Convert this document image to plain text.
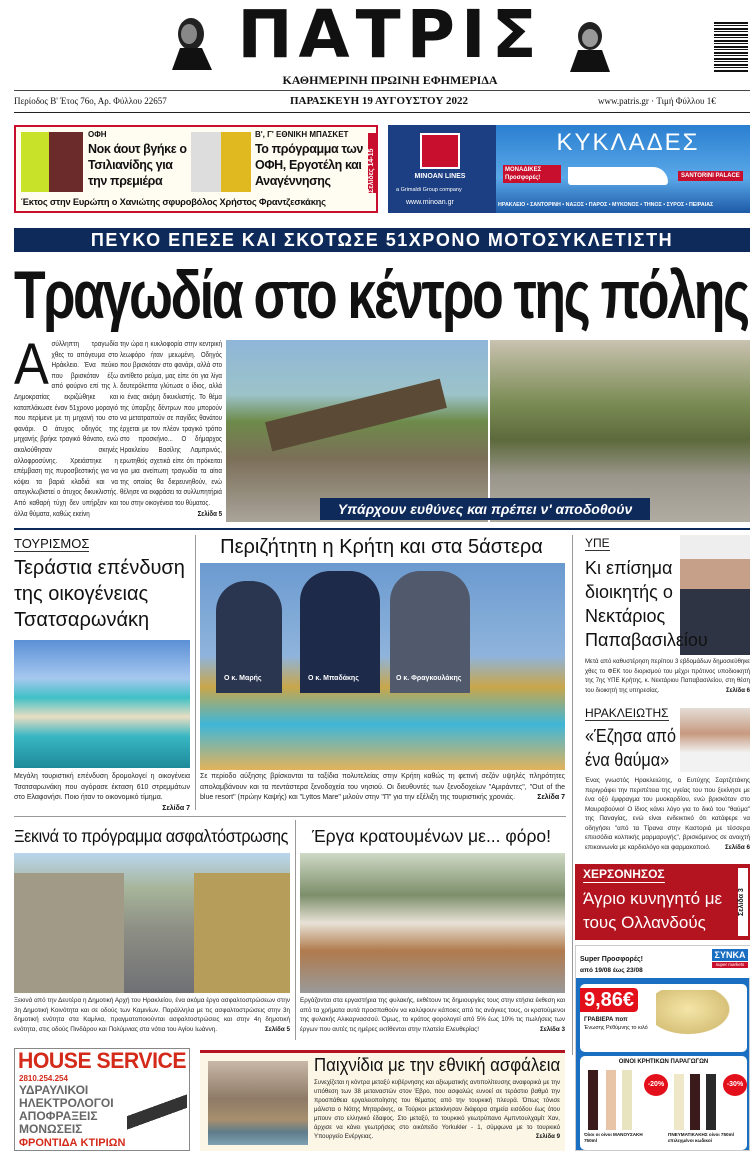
ΠΑΤΡΙΣ
ΚΑΘΗΜΕΡΙΝΗ ΠΡΩΙΝΗ ΕΦΗΜΕΡΙΔΑ
Περίοδος Β' Έτος 76ο, Αρ. Φύλλου 22657	ΠΑΡΑΣΚΕΥΗ 19 ΑΥΓΟΥΣΤΟΥ 2022	www.patris.gr · Τιμή Φύλλου 1€
ΟΦΗ
Νοκ άουτ βγήκε ο Τσιλιανίδης για την πρεμιέρα
Β', Γ' ΕΘΝΙΚΗ ΜΠΑΣΚΕΤ
Το πρόγραμμα των ΟΦΗ, Εργοτέλη και Αναγέννησης
Έκτος στην Ευρώπη ο Χανιώτης σφυροβόλος Χρήστος Φραντζεσκάκης
Σελίδες 14-15	MINOAN LINES
a Grimaldi Group company
www.minoan.gr
ΚΥΚΛΑΔΕΣ
ΜΟΝΑΔΙΚΕΣ Προσφορές!	SANTORINI PALACE
ΗΡΑΚΛΕΙΟ • ΣΑΝΤΟΡΙΝΗ • ΝΑΞΟΣ • ΠΑΡΟΣ • ΜΥΚΟΝΟΣ • ΤΗΝΟΣ • ΣΥΡΟΣ • ΠΕΙΡΑΙΑΣ
ΠΕΥΚΟ ΕΠΕΣΕ ΚΑΙ ΣΚΟΤΩΣΕ 51ΧΡΟΝΟ ΜΟΤΟΣΥΚΛΕΤΙΣΤΗ
Τραγωδία στο κέντρο της πόλης
Α σύλληπτη τραγωδία χθες το απόγευμα στο Ηράκλειο. Ένα πεύκο που βρισκόταν έξω από φούρνο επί της λ. Δημοκρατίας εκριζώθηκε και καταπλάκωσε έναν 51χρονο μοραγιό που περίμενε με τη μηχανή του στο φανάρι. Ο άτυχος οδηγός της μηχανής βρήκε τραγικό θάνατο, ενώ ακολούθησαν σκηνές αλλοφροσύνης. Χρειάστηκε η επέμβαση της πυροσβεστικής για να κόψει τα βαριά κλαδιά και να απεγκλωβιστεί ο άτυχος δικυκλιστής. Από καθαρή τύχη δεν υπήρξαν και άλλα θύματα, καθώς εκείνη
την ώρα η κυκλοφορία στην κεντρική λεωφόρο ήταν μειωμένη. Οδηγός που βρισκόταν στο φανάρι, αλλά στο αντίθετο ρεύμα, μας είπε ότι για λίγα δευτερόλεπτα γλύτωσε ο ίδιος, αλλά κι ένας ακόμη δικυκλιστής. Το θέμα της ύπαρξης δέντρων που μπορούν να μετατραπούν σε παγίδες θανάτου έρχεται με τον πλέον τραγικό τρόπο στο προσκήνιο... Ο δήμαρχος Ηρακλείου Βασίλης Λαμπρινός, ερωτηθείς σχετικά είπε ότι πρόκειται για μια ανείπωτη τραγωδία τα αίτια της οποίας θα διερευνηθούν, ενώ θέλησε να εκφράσει τα συλλυπητήριά του στην οικογένεια του θύματος.
Σελίδα 5	Υπάρχουν ευθύνες και πρέπει ν' αποδοθούν
ΤΟΥΡΙΣΜΟΣ
Τεράστια επένδυση της οικογένειας Τσατσαρωνάκη
Μεγάλη τουριστική επένδυση δρομολογεί η οικογένεια Τσατσαρωνάκη που αγόρασε έκταση 610 στρεμμάτων στο Ελαφονήσι. Ποιο ήταν το οικονομικό τίμημα.
Σελίδα 7
Περιζήτητη η Κρήτη και στα 5άστερα
Ο κ. Μαρής	Ο κ. Μπαδάκης	Ο κ. Φραγκουλάκης
Σε περίοδο αύξησης βρίσκονται τα ταξίδια πολυτελείας στην Κρήτη καθώς τη φετινή σεζόν υψηλές πληρότητες απολαμβάνουν και τα πεντάστερα ξενοδοχεία του νησιού. Οι διευθυντές των ξενοδοχείων "Αμιράντες", "Out of the blue resort" (πρώην Καψής) και "Lyttos Mare" μιλούν στην "Π" για την εξέλιξη της τουριστικής χρονιάς.	Σελίδα 7
ΥΠΕ
Κι επίσημα διοικητής ο Νεκτάριος Παπαβασιλείου
Μετά από καθυστέρηση περίπου 3 εβδομάδων δημοσιεύθηκε χθες το ΦΕΚ του διορισμού του μέχρι πρότινος υποδιοικητή της 7ης ΥΠΕ Κρήτης, κ. Νεκτάριου Παπαβασιλείου, στη θέση του διοικητή της υπηρεσίας.	Σελίδα 6
ΗΡΑΚΛΕΙΩΤΗΣ
«Έζησα από ένα θαύμα»
Ένας γνωστός Ηρακλειώτης, ο Ευτύχης Σαρτζετάκης περιγράφει την περιπέτεια της υγείας του που ξεκίνησε με ένα οξύ έμφραγμα του μυοκαρδίου, ενώ βρισκόταν στο Μαυροβούνιο! Ο ίδιος κάνει λόγο για το δικό του "θαύμα" της Παναγίας, ενώ είναι ενδεικτικό ότι κατάφερε να οδηγήσει "από τα Τίρανα στην Καστοριά με τέσσερα επεισόδια κολπικής μαρμαρυγής", βρισκόμενος σε ανοιχτή επικοινωνία με καρδιολόγο και φαρμακοποιό. Σελίδα 6
Ξεκινά το πρόγραμμα ασφαλτόστρωσης
Ξεκινά από την Δευτέρα η Δημοτική Αρχή του Ηρακλείου, ένα ακόμα έργο ασφαλτοστρώσεων στην 3η Δημοτική Κοινότητα και σε οδούς των Καμινίων. Παράλληλα με τις ασφαλτοστρώσεις στην 3η δημοτική ενότητα στα Καμίνια, πραγματοποιούνται ασφαλτοστρώσεις και στην 4η δημοτική ενότητα, στις οδούς Πινδάρου και Πολύμνιας στα νότια του Αγίου Ιωάννη.	Σελίδα 5
Έργα κρατουμένων με... φόρο!
Εργάζονται στα εργαστήρια της φυλακής, εκθέτουν τις δημιουργίες τους στην ετήσια έκθεση και από τα χρήματα αυτά προσπαθούν να καλύψουν κάποιες από τις ανάγκες τους, οι κρατούμενοι της φυλακής Αλικαρνασσού. Όμως, το κράτος φορολογεί από 5% έως 10% τις πωλήσεις των έργων που αυτές τις ημέρες εκτίθενται στην πλατεία Ελευθερίας!	Σελίδα 3
ΧΕΡΣΟΝΗΣΟΣ
Άγριο κυνηγητό με τους Ολλανδούς
Σελίδα 3
Super Προσφορές!
από 19/08 έως 23/08
ΣΥΝΚΑ
super markets
9,86€
ΓΡΑΒΙΕΡΑ ποπ
Ένωσης Ρεθύμνης το κιλό
ΟΙΝΟΙ ΚΡΗΤΙΚΩΝ ΠΑΡΑΓΩΓΩΝ
-20%	-30%
Όλοι οι οίνοι ΜΑΝΟΥΣΑΚΗ 750ml
ΠΝΕΥΜΑΤΙΚΑΚΗΣ οίνοι 750ml επιλεγμένοι κωδικοί
HOUSE SERVICE
2810.254.254
ΥΔΡΑΥΛΙΚΟΙ
ΗΛΕΚΤΡΟΛΟΓΟΙ
ΑΠΟΦΡΑΞΕΙΣ
ΜΟΝΩΣΕΙΣ
ΦΡΟΝΤΙΔΑ ΚΤΙΡΙΩΝ
Παιχνίδια με την εθνική ασφάλεια
Συνεχίζεται η κόντρα μεταξύ κυβέρνησης και αξιωματικής αντιπολίτευσης αναφορικά με την υπόθεση των 38 μεταναστών στον Έβρο, που ασφαλώς ευνοεί σε τεράστιο βαθμό την προσπάθεια εργαλειοποίησης του θέματος από την τουρκική πλευρά. Όπως τόνισε μάλιστα ο Νότης Μηταράκης, οι Τούρκοι μετακίνησαν διάφορα σημεία εισόδου έως ότου μπουν στο ελληνικό έδαφος. Στο μεταξύ, το τουρκικό γεωτρύπανο Αμπντουλχαμίτ Χαν, άρχισε να κάνει γεωτρήσεις στο οικόπεδο Yorkukler - 1, σύμφωνα με το τουρκικό Υπουργείο Ενέργειας.	Σελίδα 9
